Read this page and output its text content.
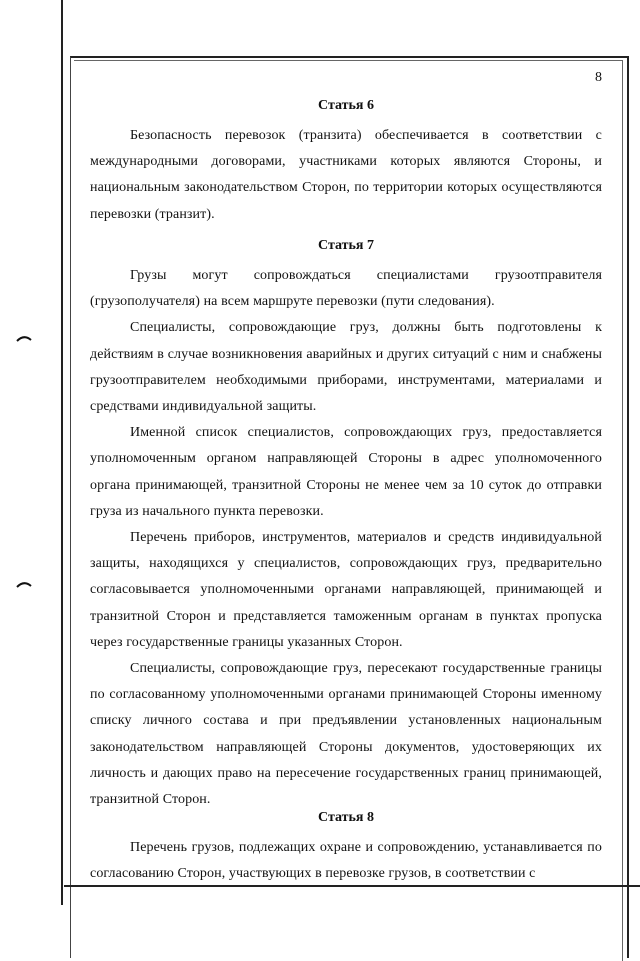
8
Статья 6

Безопасность перевозок (транзита) обеспечивается в соответствии с международными договорами, участниками которых являются Стороны, и национальным законодательством Сторон, по территории которых осуществляются перевозки (транзит).

Статья 7

Грузы могут сопровождаться специалистами грузоотправителя (грузополучателя) на всем маршруте перевозки (пути следования).

Специалисты, сопровождающие груз, должны быть подготовлены к действиям в случае возникновения аварийных и других ситуаций с ним и снабжены грузоотправителем необходимыми приборами, инструментами, материалами и средствами индивидуальной защиты.

Именной список специалистов, сопровождающих груз, предоставляется уполномоченным органом направляющей Стороны в адрес уполномоченного органа принимающей, транзитной Стороны не менее чем за 10 суток до отправки груза из начального пункта перевозки.

Перечень приборов, инструментов, материалов и средств индивидуальной защиты, находящихся у специалистов, сопровождающих груз, предварительно согласовывается уполномоченными органами направляющей, принимающей и транзитной Сторон и представляется таможенным органам в пунктах пропуска через государственные границы указанных Сторон.

Специалисты, сопровождающие груз, пересекают государственные границы по согласованному уполномоченными органами принимающей Стороны именному списку личного состава и при предъявлении установленных национальным законодательством направляющей Стороны документов, удостоверяющих их личность и дающих право на пересечение государственных границ принимающей, транзитной Сторон.

Статья 8

Перечень грузов, подлежащих охране и сопровождению, устанавливается по согласованию Сторон, участвующих в перевозке грузов, в соответствии с
